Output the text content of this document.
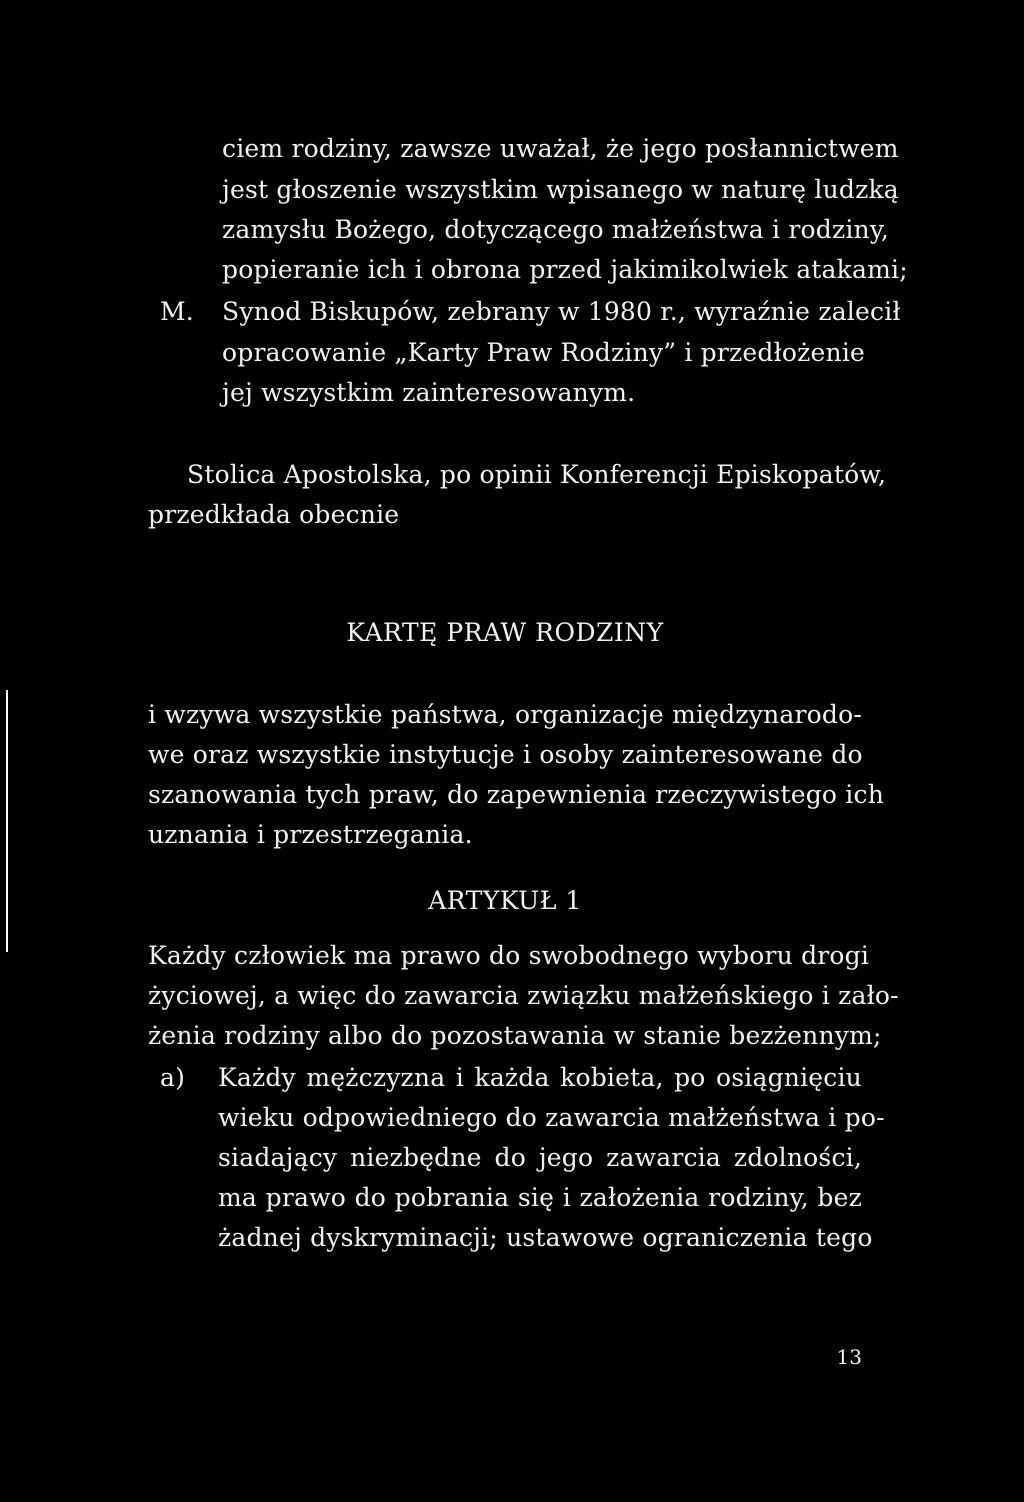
ciem rodziny, zawsze uważał, że jego posłannictwem
jest głoszenie wszystkim wpisanego w naturę ludzką
zamysłu Bożego, dotyczącego małżeństwa i rodziny,
popieranie ich i obrona przed jakimikolwiek atakami;
M. Synod Biskupów, zebrany w 1980 r., wyraźnie zalecił
opracowanie „Karty Praw Rodziny” i przedłożenie
jej wszystkim zainteresowanym.
Stolica Apostolska, po opinii Konferencji Episkopatów,
przedkłada obecnie
KARTĘ PRAW RODZINY
i wzywa wszystkie państwa, organizacje międzynarodo-
we oraz wszystkie instytucje i osoby zainteresowane do
szanowania tych praw, do zapewnienia rzeczywistego ich
uznania i przestrzegania.
ARTYKUŁ 1
Każdy człowiek ma prawo do swobodnego wyboru drogi
życiowej, a więc do zawarcia związku małżeńskiego i zało-
żenia rodziny albo do pozostawania w stanie bezżennym;
a) Każdy mężczyzna i każda kobieta, po osiągnięciu
wieku odpowiedniego do zawarcia małżeństwa i po-
siadający niezbędne do jego zawarcia zdolności,
ma prawo do pobrania się i założenia rodziny, bez
żadnej dyskryminacji; ustawowe ograniczenia tego
13
